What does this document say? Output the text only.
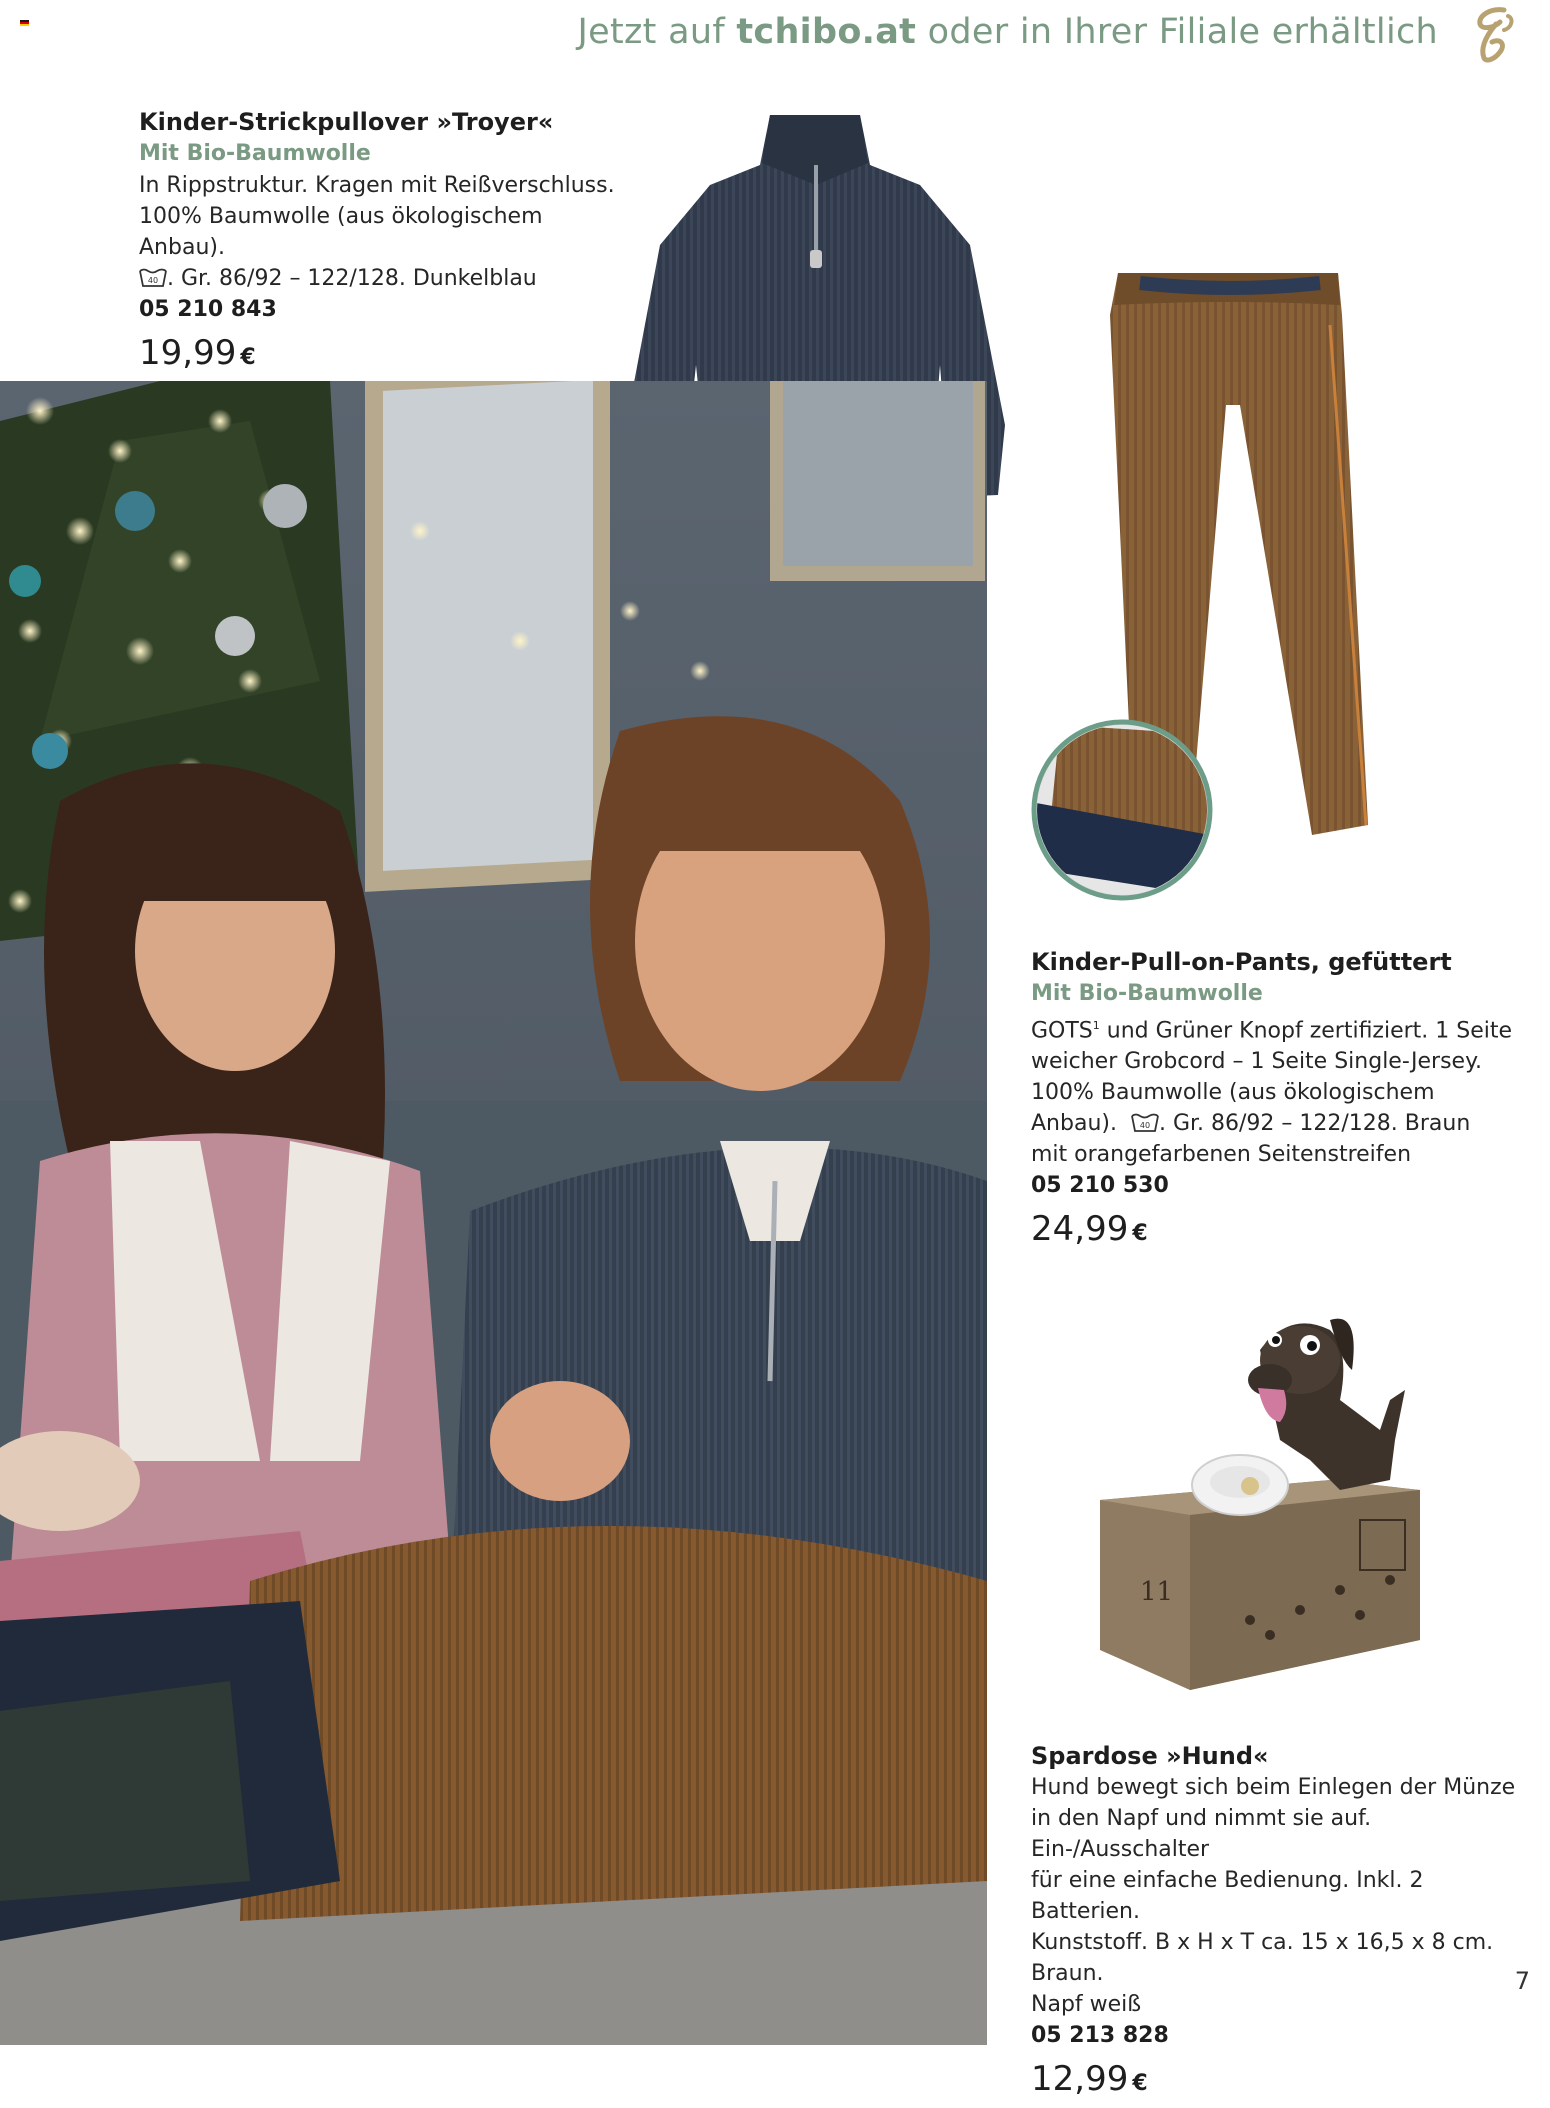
Jetzt auf tchibo.at oder in Ihrer Filiale erhältlich
Kinder-Strickpullover »Troyer«
Mit Bio-Baumwolle
In Rippstruktur. Kragen mit Reißverschluss.
100% Baumwolle (aus ökologischem Anbau).
40 . Gr. 86/92 – 122/128. Dunkelblau
05 210 843
19,99 €
Kinder-Pull-on-Pants, gefüttert
Mit Bio-Baumwolle
GOTS$^1$ und Grüner Knopf zertifiziert. 1 Seite
weicher Grobcord – 1 Seite Single-Jersey.
100% Baumwolle (aus ökologischem
Anbau).	40 . Gr. 86/92 – 122/128. Braun
mit orangefarbenen Seitenstreifen
05 210 530
24,99 €
11
Spardose »Hund«
Hund bewegt sich beim Einlegen der Münze
in den Napf und nimmt sie auf. Ein-/Ausschalter
für eine einfache Bedienung. Inkl. 2 Batterien.
Kunststoff. B x H x T ca. 15 x 16,5 x 8 cm. Braun.
Napf weiß
05 213 828
12,99 €
7
